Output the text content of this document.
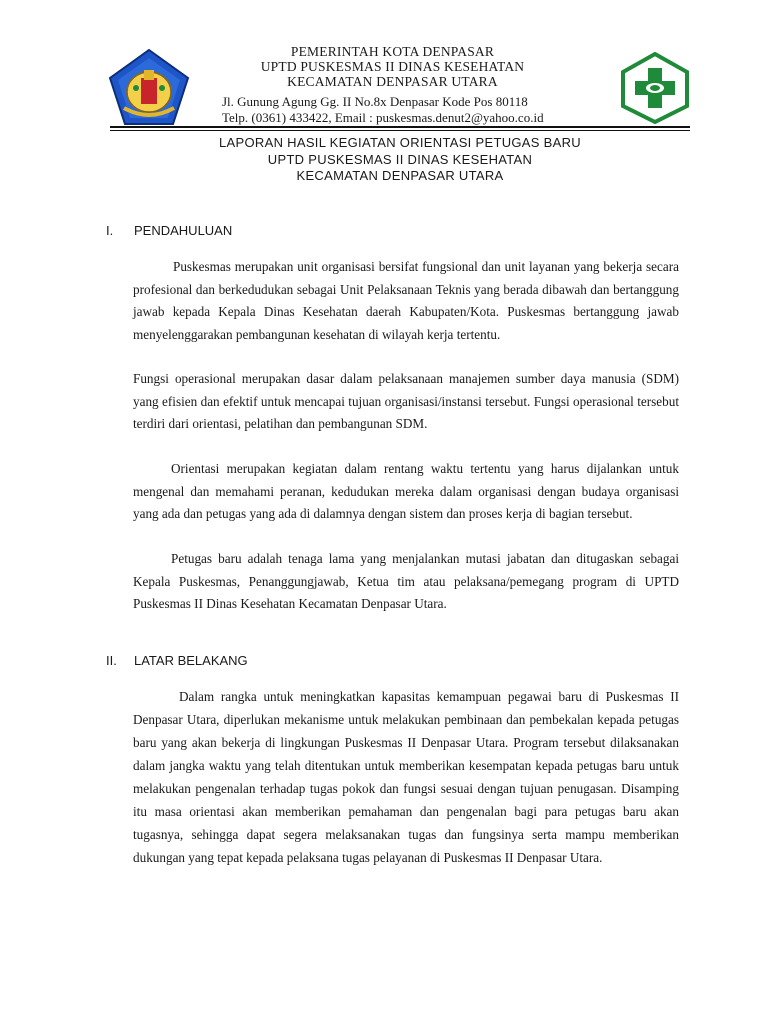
PEMERINTAH KOTA DENPASAR
UPTD PUSKESMAS II DINAS KESEHATAN
KECAMATAN DENPASAR UTARA
Jl. Gunung Agung Gg. II No.8x Denpasar Kode Pos 80118
Telp. (0361) 433422, Email : puskesmas.denut2@yahoo.co.id
LAPORAN HASIL KEGIATAN ORIENTASI PETUGAS BARU
UPTD PUSKESMAS II DINAS KESEHATAN
KECAMATAN DENPASAR UTARA
I. PENDAHULUAN

Puskesmas merupakan unit organisasi bersifat fungsional dan unit layanan yang bekerja secara profesional dan berkedudukan sebagai Unit Pelaksanaan Teknis yang berada dibawah dan bertanggung jawab kepada Kepala Dinas Kesehatan daerah Kabupaten/Kota. Puskesmas bertanggung jawab menyelenggarakan pembangunan kesehatan di wilayah kerja tertentu.

Fungsi operasional merupakan dasar dalam pelaksanaan manajemen sumber daya manusia (SDM) yang efisien dan efektif untuk mencapai tujuan organisasi/instansi tersebut. Fungsi operasional tersebut terdiri dari orientasi, pelatihan dan pembangunan SDM.

Orientasi merupakan kegiatan dalam rentang waktu tertentu yang harus dijalankan untuk mengenal dan memahami peranan, kedudukan mereka dalam organisasi dengan budaya organisasi yang ada dan petugas yang ada di dalamnya dengan sistem dan proses kerja di bagian tersebut.

Petugas baru adalah tenaga lama yang menjalankan mutasi jabatan dan ditugaskan sebagai Kepala Puskesmas, Penanggungjawab, Ketua tim atau pelaksana/pemegang program di UPTD Puskesmas II Dinas Kesehatan Kecamatan Denpasar Utara.

II. LATAR BELAKANG

Dalam rangka untuk meningkatkan kapasitas kemampuan pegawai baru di Puskesmas II Denpasar Utara, diperlukan mekanisme untuk melakukan pembinaan dan pembekalan kepada petugas baru yang akan bekerja di lingkungan Puskesmas II Denpasar Utara. Program tersebut dilaksanakan dalam jangka waktu yang telah ditentukan untuk memberikan kesempatan kepada petugas baru untuk melakukan pengenalan terhadap tugas pokok dan fungsi sesuai dengan tujuan penugasan. Disamping itu masa orientasi akan memberikan pemahaman dan pengenalan bagi para petugas baru akan tugasnya, sehingga dapat segera melaksanakan tugas dan fungsinya serta mampu memberikan dukungan yang tepat kepada pelaksana tugas pelayanan di Puskesmas II Denpasar Utara.
